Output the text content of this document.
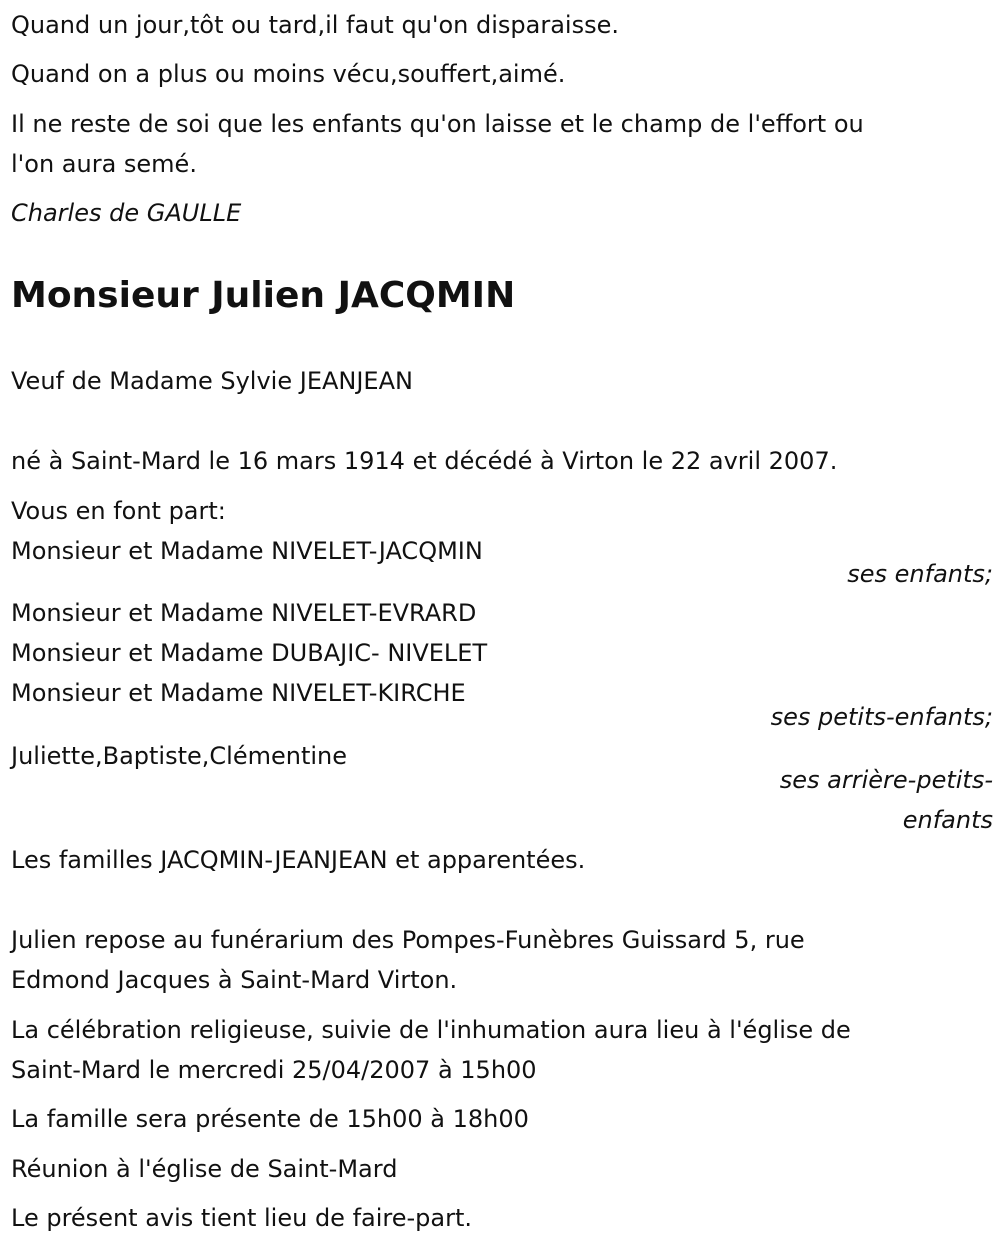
Quand un jour,tôt ou tard,il faut qu'on disparaisse.

Quand on a plus ou moins vécu,souffert,aimé.

Il ne reste de soi que les enfants qu'on laisse et le champ de l'effort ou

l'on aura semé.

Charles de GAULLE

Monsieur Julien JACQMIN

Veuf de Madame Sylvie JEANJEAN

né à Saint-Mard le 16 mars 1914 et décédé à Virton le 22 avril 2007.

Vous en font part:

Monsieur et Madame NIVELET-JACQMIN

ses enfants;

Monsieur et Madame NIVELET-EVRARD

Monsieur et Madame DUBAJIC- NIVELET

Monsieur et Madame NIVELET-KIRCHE

ses petits-enfants;

Juliette,Baptiste,Clémentine

ses arrière-petits-

enfants

Les familles JACQMIN-JEANJEAN et apparentées.

Julien repose au funérarium des Pompes-Funèbres Guissard 5, rue

Edmond Jacques à Saint-Mard Virton.

La célébration religieuse, suivie de l'inhumation aura lieu à l'église de

Saint-Mard le mercredi 25/04/2007 à 15h00

La famille sera présente de 15h00 à 18h00

Réunion à l'église de Saint-Mard

Le présent avis tient lieu de faire-part.
